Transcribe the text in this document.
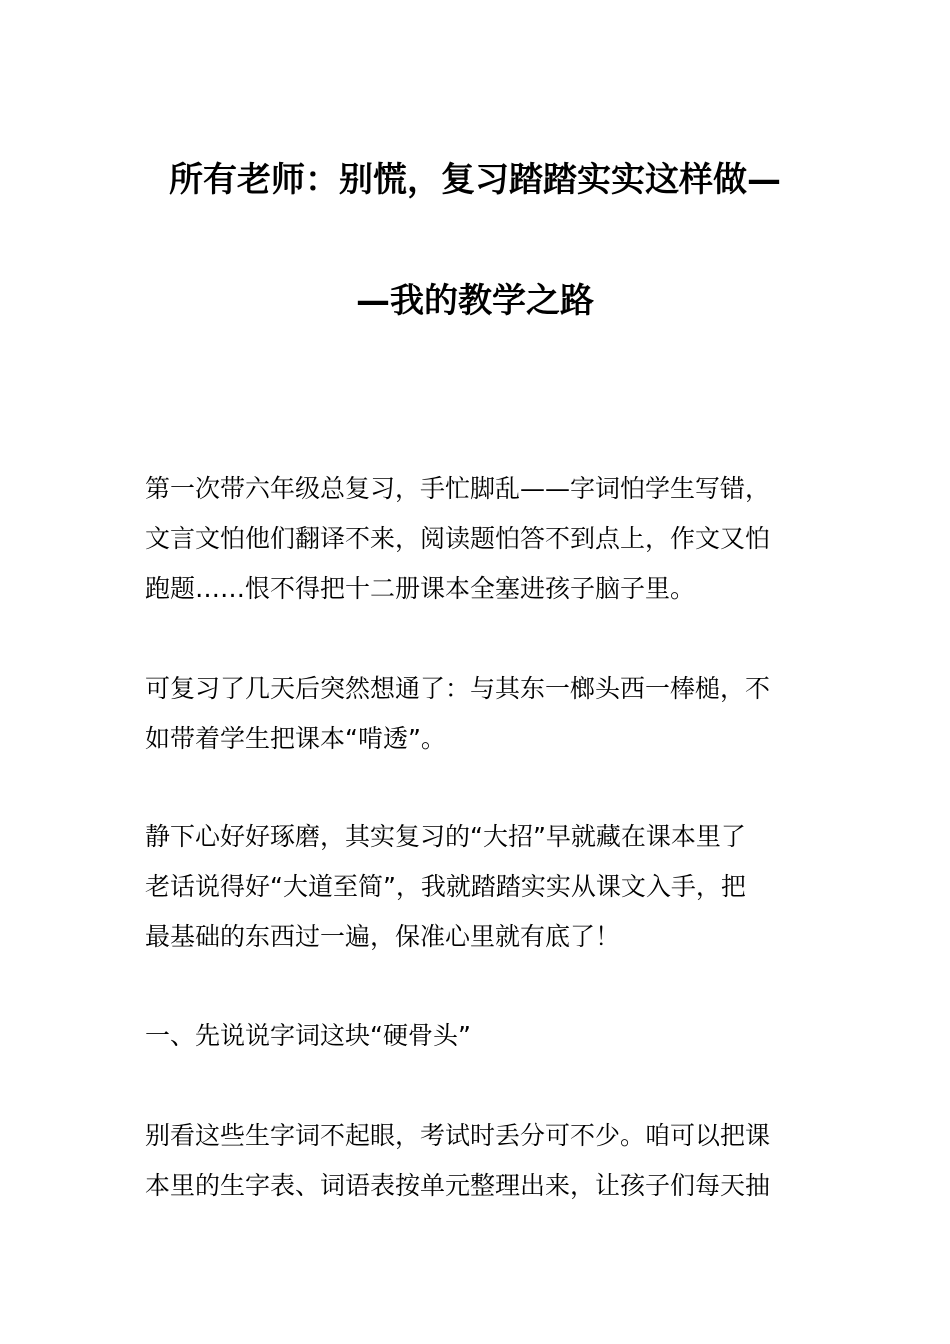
所有老师：别慌，复习踏踏实实这样做—
—我的教学之路
第一次带六年级总复习，手忙脚乱——字词怕学生写错，
文言文怕他们翻译不来，阅读题怕答不到点上，作文又怕
跑题……恨不得把十二册课本全塞进孩子脑子里。
可复习了几天后突然想通了：与其东一榔头西一棒槌，不
如带着学生把课本“啃透”。
静下心好好琢磨，其实复习的“大招”早就藏在课本里了
老话说得好“大道至简”，我就踏踏实实从课文入手，把
最基础的东西过一遍，保准心里就有底了！
一、先说说字词这块“硬骨头”
别看这些生字词不起眼，考试时丢分可不少。咱可以把课
本里的生字表、词语表按单元整理出来，让孩子们每天抽
